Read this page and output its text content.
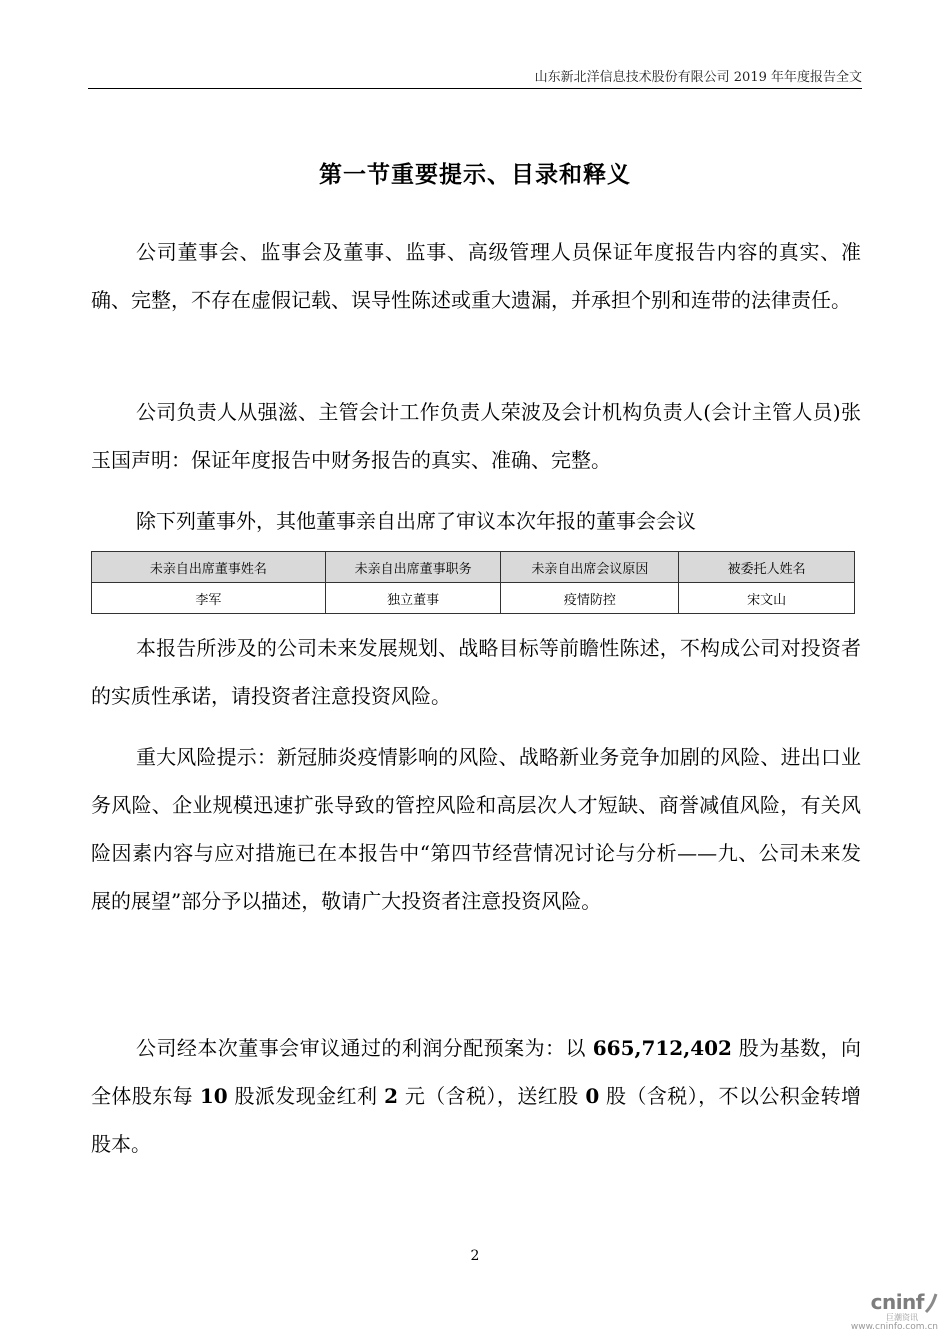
山东新北洋信息技术股份有限公司 2019 年年度报告全文
第一节重要提示、目录和释义

公司董事会、监事会及董事、监事、高级管理人员保证年度报告内容的真实、准确、完整，不存在虚假记载、误导性陈述或重大遗漏，并承担个别和连带的法律责任。

公司负责人从强滋、主管会计工作负责人荣波及会计机构负责人(会计主管人员)张玉国声明：保证年度报告中财务报告的真实、准确、完整。

除下列董事外，其他董事亲自出席了审议本次年报的董事会会议

未亲自出席董事姓名	未亲自出席董事职务	未亲自出席会议原因	被委托人姓名
李军	独立董事	疫情防控	宋文山

本报告所涉及的公司未来发展规划、战略目标等前瞻性陈述，不构成公司对投资者的实质性承诺，请投资者注意投资风险。

重大风险提示：新冠肺炎疫情影响的风险、战略新业务竞争加剧的风险、进出口业务风险、企业规模迅速扩张导致的管控风险和高层次人才短缺、商誉减值风险，有关风险因素内容与应对措施已在本报告中“第四节经营情况讨论与分析——九、公司未来发展的展望”部分予以描述，敬请广大投资者注意投资风险。

公司经本次董事会审议通过的利润分配预案为：以 665,712,402 股为基数，向全体股东每 10 股派发现金红利 2 元（含税），送红股 0 股（含税），不以公积金转增股本。

2
cninf
巨潮资讯
www.cninfo.com.cn
